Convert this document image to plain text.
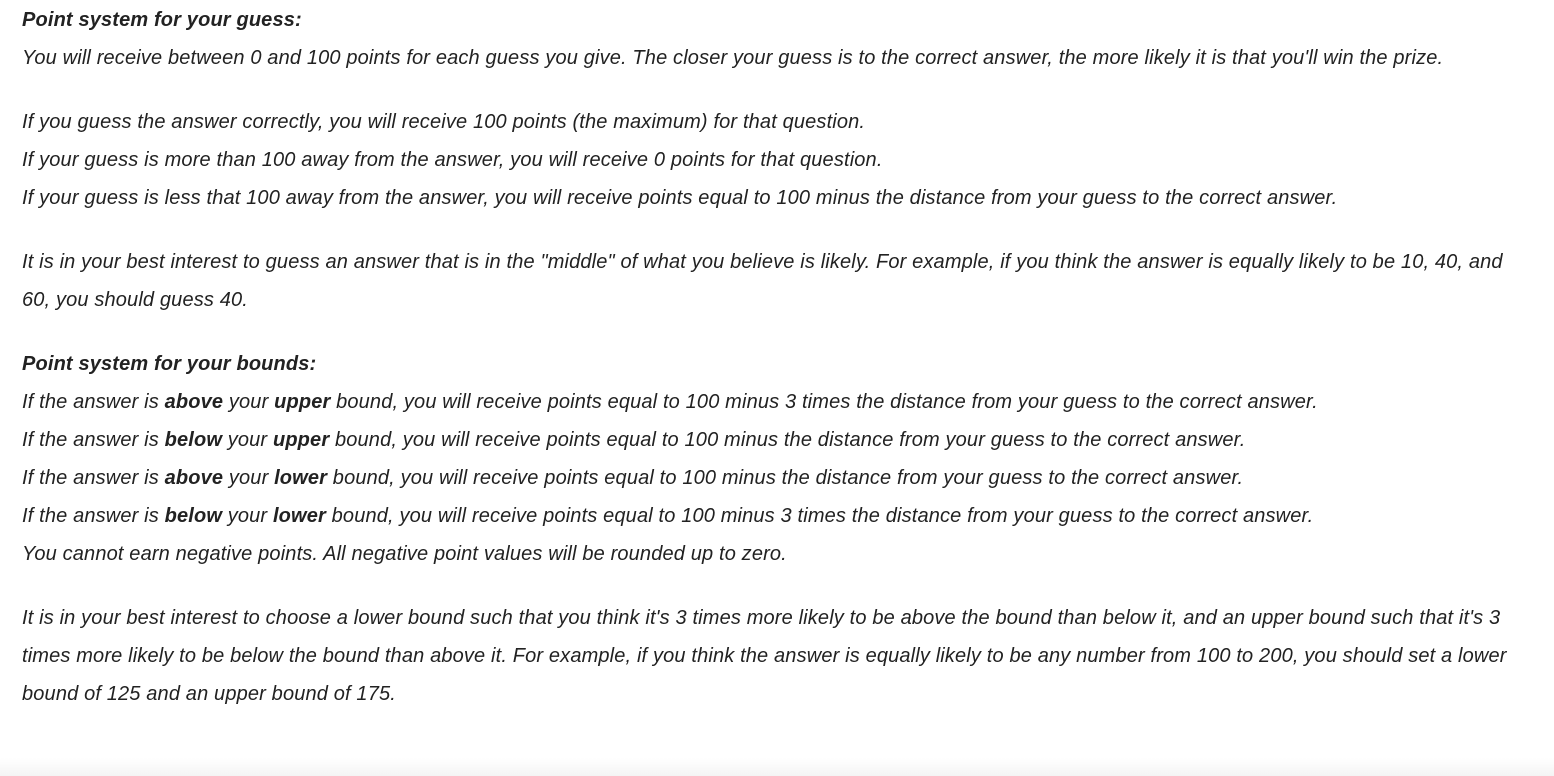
Point system for your guess:

You will receive between 0 and 100 points for each guess you give. The closer your guess is to the correct answer, the more likely it is that you'll win the prize.

If you guess the answer correctly, you will receive 100 points (the maximum) for that question.

If your guess is more than 100 away from the answer, you will receive 0 points for that question.

If your guess is less that 100 away from the answer, you will receive points equal to 100 minus the distance from your guess to the correct answer.

It is in your best interest to guess an answer that is in the "middle" of what you believe is likely. For example, if you think the answer is equally likely to be 10, 40, and 60, you should guess 40.

Point system for your bounds:

If the answer is above your upper bound, you will receive points equal to 100 minus 3 times the distance from your guess to the correct answer.

If the answer is below your upper bound, you will receive points equal to 100 minus the distance from your guess to the correct answer.

If the answer is above your lower bound, you will receive points equal to 100 minus the distance from your guess to the correct answer.

If the answer is below your lower bound, you will receive points equal to 100 minus 3 times the distance from your guess to the correct answer.

You cannot earn negative points. All negative point values will be rounded up to zero.

It is in your best interest to choose a lower bound such that you think it's 3 times more likely to be above the bound than below it, and an upper bound such that it's 3 times more likely to be below the bound than above it. For example, if you think the answer is equally likely to be any number from 100 to 200, you should set a lower bound of 125 and an upper bound of 175.
